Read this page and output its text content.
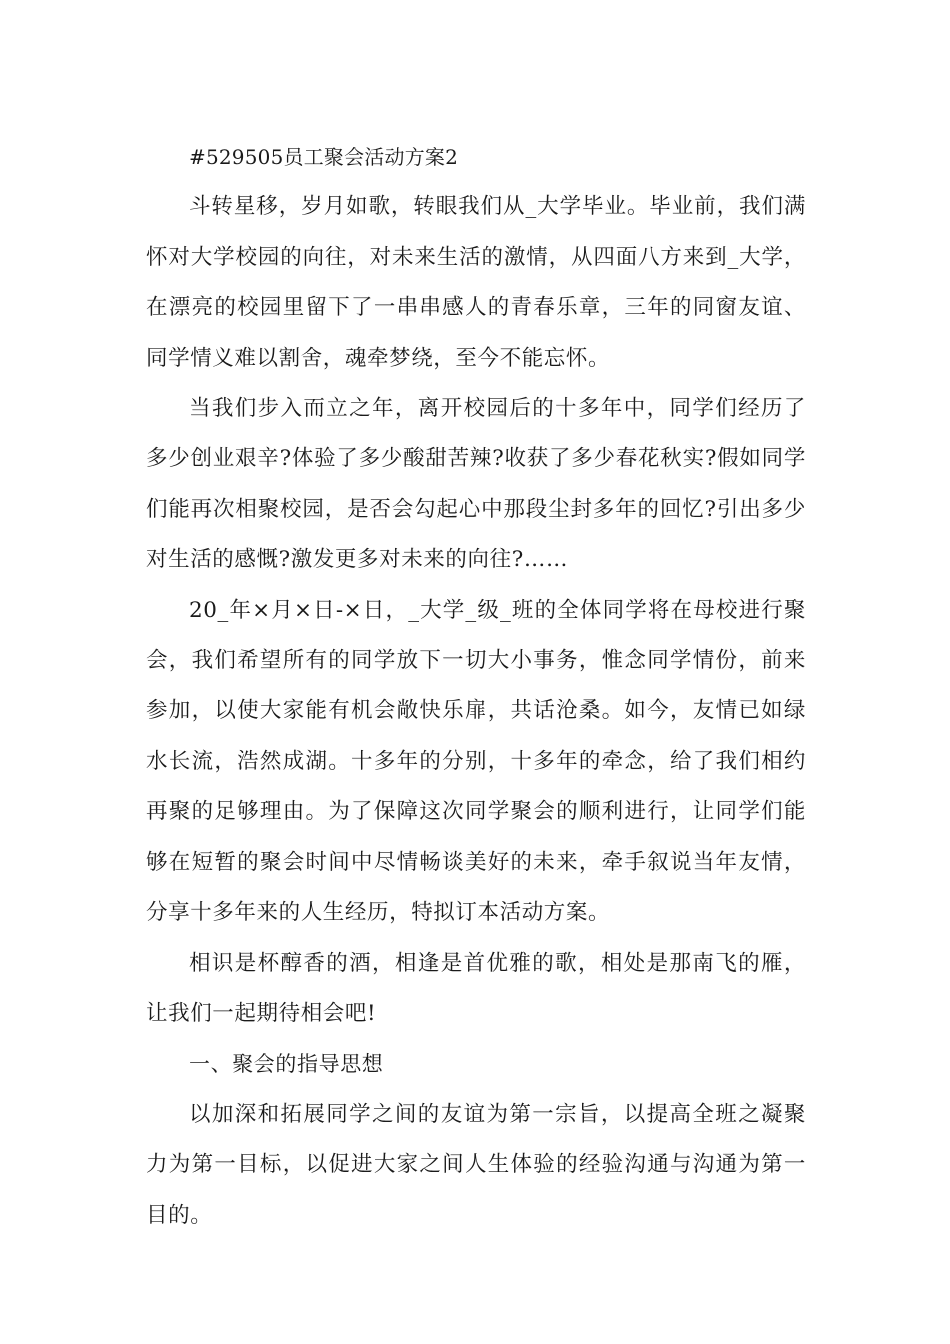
#529505员工聚会活动方案2

斗转星移，岁月如歌，转眼我们从_大学毕业。毕业前，我们满怀对大学校园的向往，对未来生活的激情，从四面八方来到_大学，在漂亮的校园里留下了一串串感人的青春乐章，三年的同窗友谊、同学情义难以割舍，魂牵梦绕，至今不能忘怀。

当我们步入而立之年，离开校园后的十多年中，同学们经历了多少创业艰辛?体验了多少酸甜苦辣?收获了多少春花秋实?假如同学们能再次相聚校园，是否会勾起心中那段尘封多年的回忆?引出多少对生活的感慨?激发更多对未来的向往?……

20_年×月×日-×日，_大学_级_班的全体同学将在母校进行聚会，我们希望所有的同学放下一切大小事务，惟念同学情份，前来参加，以使大家能有机会敞快乐扉，共话沧桑。如今，友情已如绿水长流，浩然成湖。十多年的分别，十多年的牵念，给了我们相约再聚的足够理由。为了保障这次同学聚会的顺利进行，让同学们能够在短暂的聚会时间中尽情畅谈美好的未来，牵手叙说当年友情，分享十多年来的人生经历，特拟订本活动方案。

相识是杯醇香的酒，相逢是首优雅的歌，相处是那南飞的雁，让我们一起期待相会吧!

一、聚会的指导思想

以加深和拓展同学之间的友谊为第一宗旨，以提高全班之凝聚力为第一目标，以促进大家之间人生体验的经验沟通与沟通为第一目的。
